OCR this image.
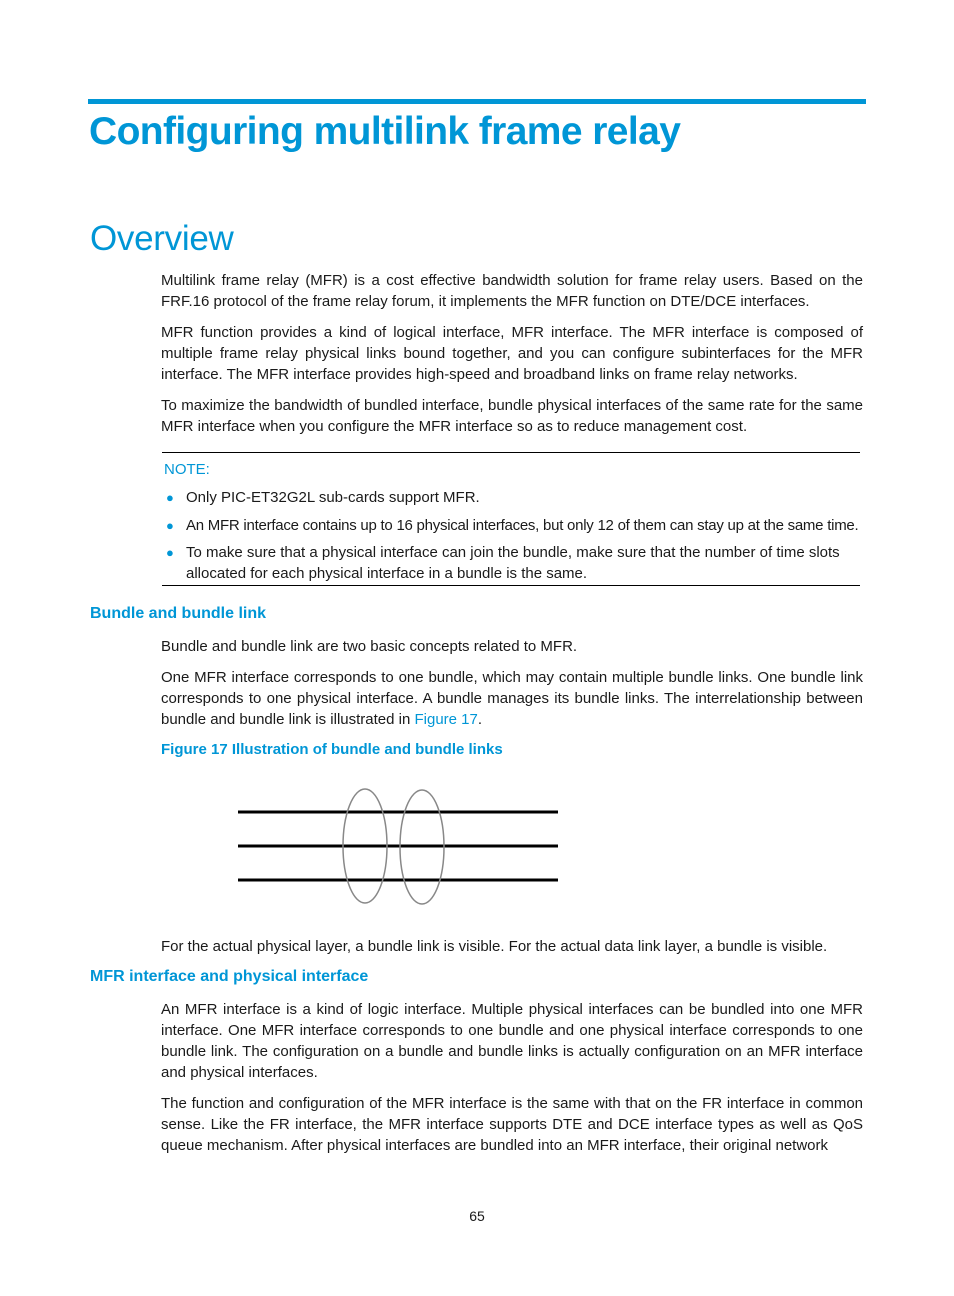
Configuring multilink frame relay
Overview

Multilink frame relay (MFR) is a cost effective bandwidth solution for frame relay users. Based on the FRF.16 protocol of the frame relay forum, it implements the MFR function on DTE/DCE interfaces.

MFR function provides a kind of logical interface, MFR interface. The MFR interface is composed of multiple frame relay physical links bound together, and you can configure subinterfaces for the MFR interface. The MFR interface provides high-speed and broadband links on frame relay networks.

To maximize the bandwidth of bundled interface, bundle physical interfaces of the same rate for the same MFR interface when you configure the MFR interface so as to reduce management cost.

NOTE:
● Only PIC-ET32G2L sub-cards support MFR.
● An MFR interface contains up to 16 physical interfaces, but only 12 of them can stay up at the same time.
● To make sure that a physical interface can join the bundle, make sure that the number of time slots allocated for each physical interface in a bundle is the same.
Bundle and bundle link

Bundle and bundle link are two basic concepts related to MFR.

One MFR interface corresponds to one bundle, which may contain multiple bundle links. One bundle link corresponds to one physical interface. A bundle manages its bundle links. The interrelationship between bundle and bundle link is illustrated in Figure 17.

Figure 17 Illustration of bundle and bundle links

For the actual physical layer, a bundle link is visible. For the actual data link layer, a bundle is visible.

MFR interface and physical interface

An MFR interface is a kind of logic interface. Multiple physical interfaces can be bundled into one MFR interface. One MFR interface corresponds to one bundle and one physical interface corresponds to one bundle link. The configuration on a bundle and bundle links is actually configuration on an MFR interface and physical interfaces.

The function and configuration of the MFR interface is the same with that on the FR interface in common sense. Like the FR interface, the MFR interface supports DTE and DCE interface types as well as QoS queue mechanism. After physical interfaces are bundled into an MFR interface, their original network

65
